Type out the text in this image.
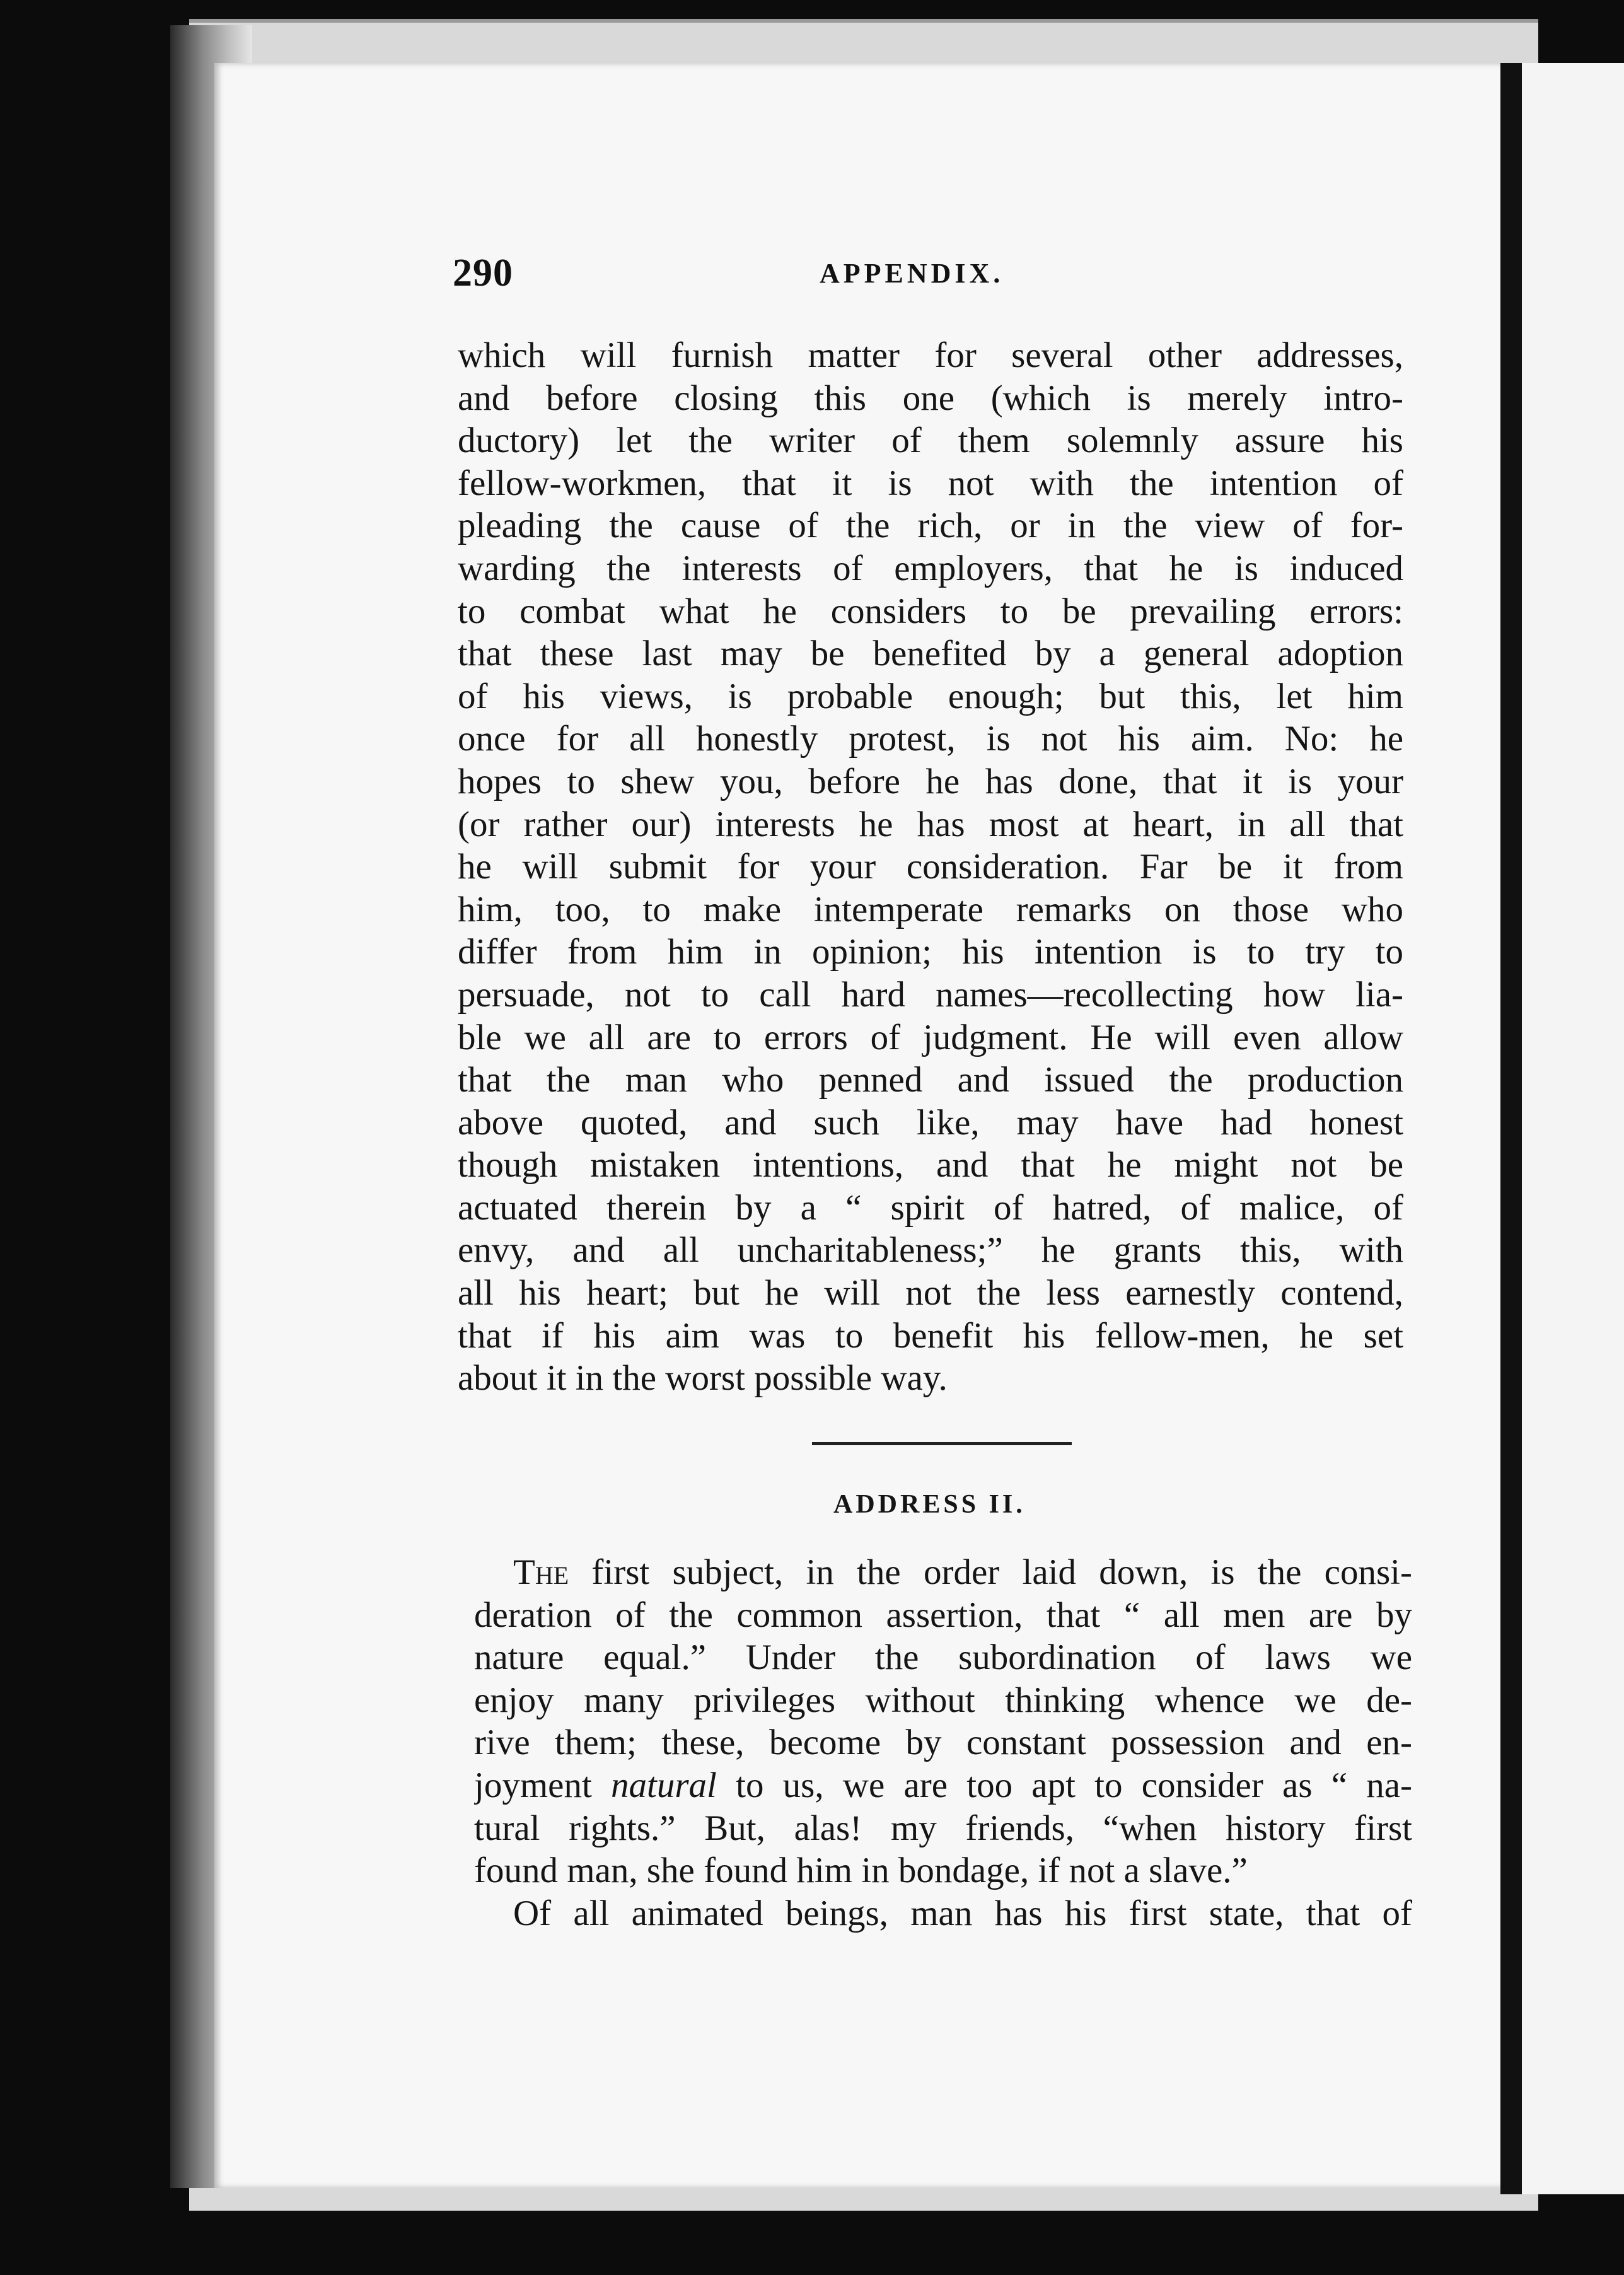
290	APPENDIX.
which will furnish matter for several other addresses,
and before closing this one (which is merely intro-
ductory) let the writer of them solemnly assure his
fellow-workmen, that it is not with the intention of
pleading the cause of the rich, or in the view of for-
warding the interests of employers, that he is induced
to combat what he considers to be prevailing errors:
that these last may be benefited by a general adoption
of his views, is probable enough; but this, let him
once for all honestly protest, is not his aim. No: he
hopes to shew you, before he has done, that it is your
(or rather our) interests he has most at heart, in all that
he will submit for your consideration. Far be it from
him, too, to make intemperate remarks on those who
differ from him in opinion; his intention is to try to
persuade, not to call hard names—recollecting how lia-
ble we all are to errors of judgment. He will even allow
that the man who penned and issued the production
above quoted, and such like, may have had honest
though mistaken intentions, and that he might not be
actuated therein by a “ spirit of hatred, of malice, of
envy, and all uncharitableness;” he grants this, with
all his heart; but he will not the less earnestly contend,
that if his aim was to benefit his fellow-men, he set
about it in the worst possible way.
ADDRESS II.
The first subject, in the order laid down, is the consi-
deration of the common assertion, that “ all men are by
nature equal.” Under the subordination of laws we
enjoy many privileges without thinking whence we de-
rive them; these, become by constant possession and en-
joyment natural to us, we are too apt to consider as “ na-
tural rights.” But, alas! my friends, “when history first
found man, she found him in bondage, if not a slave.”
Of all animated beings, man has his first state, that of
